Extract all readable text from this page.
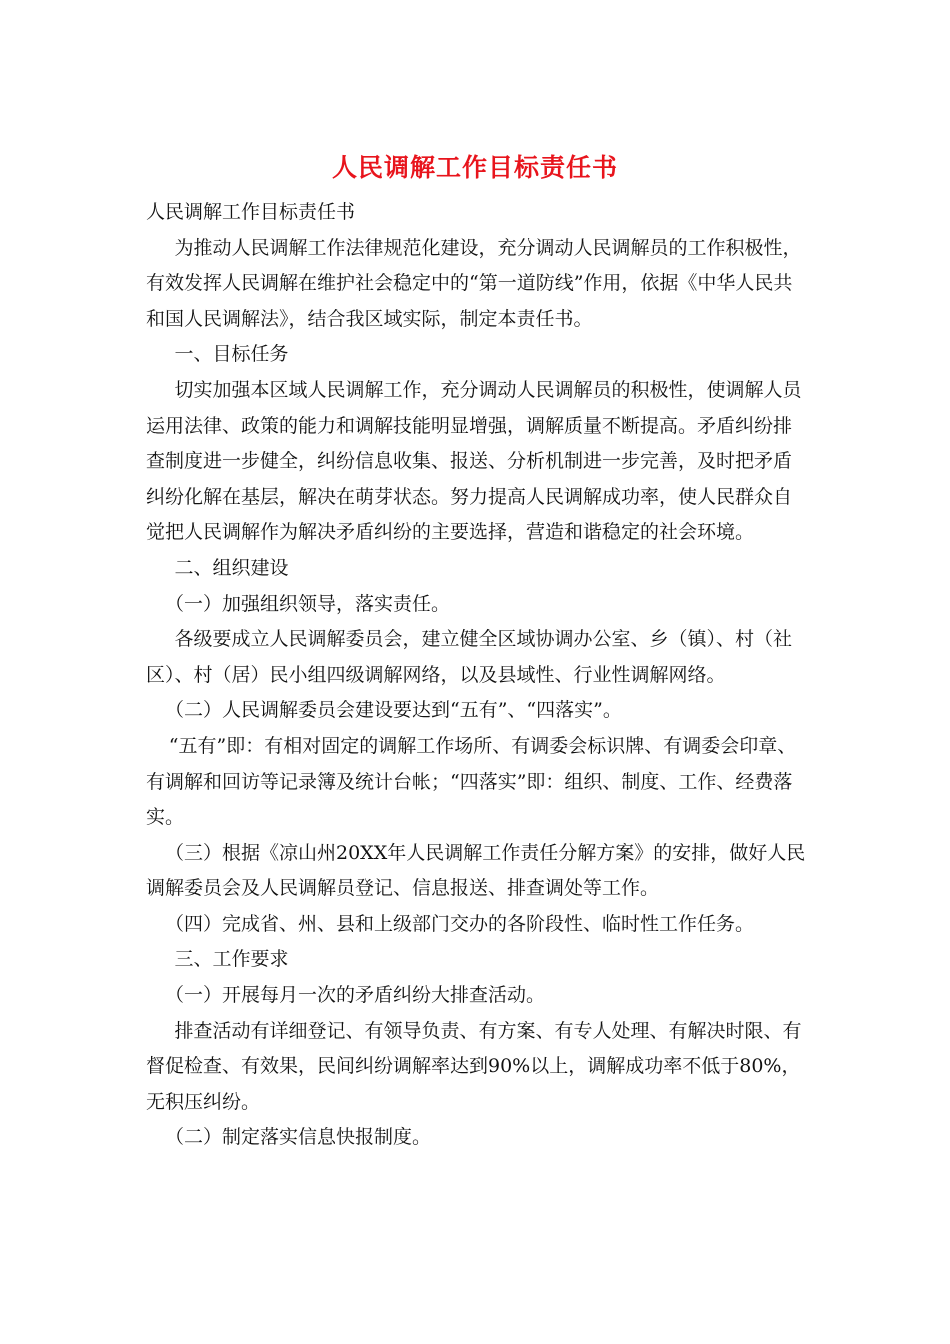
人民调解工作目标责任书

人民调解工作目标责任书

为推动人民调解工作法律规范化建设，充分调动人民调解员的工作积极性，有效发挥人民调解在维护社会稳定中的“第一道防线”作用，依据《中华人民共和国人民调解法》，结合我区域实际，制定本责任书。

一、目标任务

切实加强本区域人民调解工作，充分调动人民调解员的积极性，使调解人员运用法律、政策的能力和调解技能明显增强，调解质量不断提高。矛盾纠纷排查制度进一步健全，纠纷信息收集、报送、分析机制进一步完善，及时把矛盾纠纷化解在基层，解决在萌芽状态。努力提高人民调解成功率，使人民群众自觉把人民调解作为解决矛盾纠纷的主要选择，营造和谐稳定的社会环境。

二、组织建设

（一）加强组织领导，落实责任。

各级要成立人民调解委员会，建立健全区域协调办公室、乡（镇）、村（社区）、村（居）民小组四级调解网络，以及县域性、行业性调解网络。

（二）人民调解委员会建设要达到“五有”、“四落实”。

“五有”即：有相对固定的调解工作场所、有调委会标识牌、有调委会印章、有调解和回访等记录簿及统计台帐；“四落实”即：组织、制度、工作、经费落实。

（三）根据《凉山州20XX年人民调解工作责任分解方案》的安排，做好人民调解委员会及人民调解员登记、信息报送、排查调处等工作。

（四）完成省、州、县和上级部门交办的各阶段性、临时性工作任务。

三、工作要求

（一）开展每月一次的矛盾纠纷大排查活动。

排查活动有详细登记、有领导负责、有方案、有专人处理、有解决时限、有督促检查、有效果，民间纠纷调解率达到90%以上，调解成功率不低于80%，无积压纠纷。

（二）制定落实信息快报制度。
